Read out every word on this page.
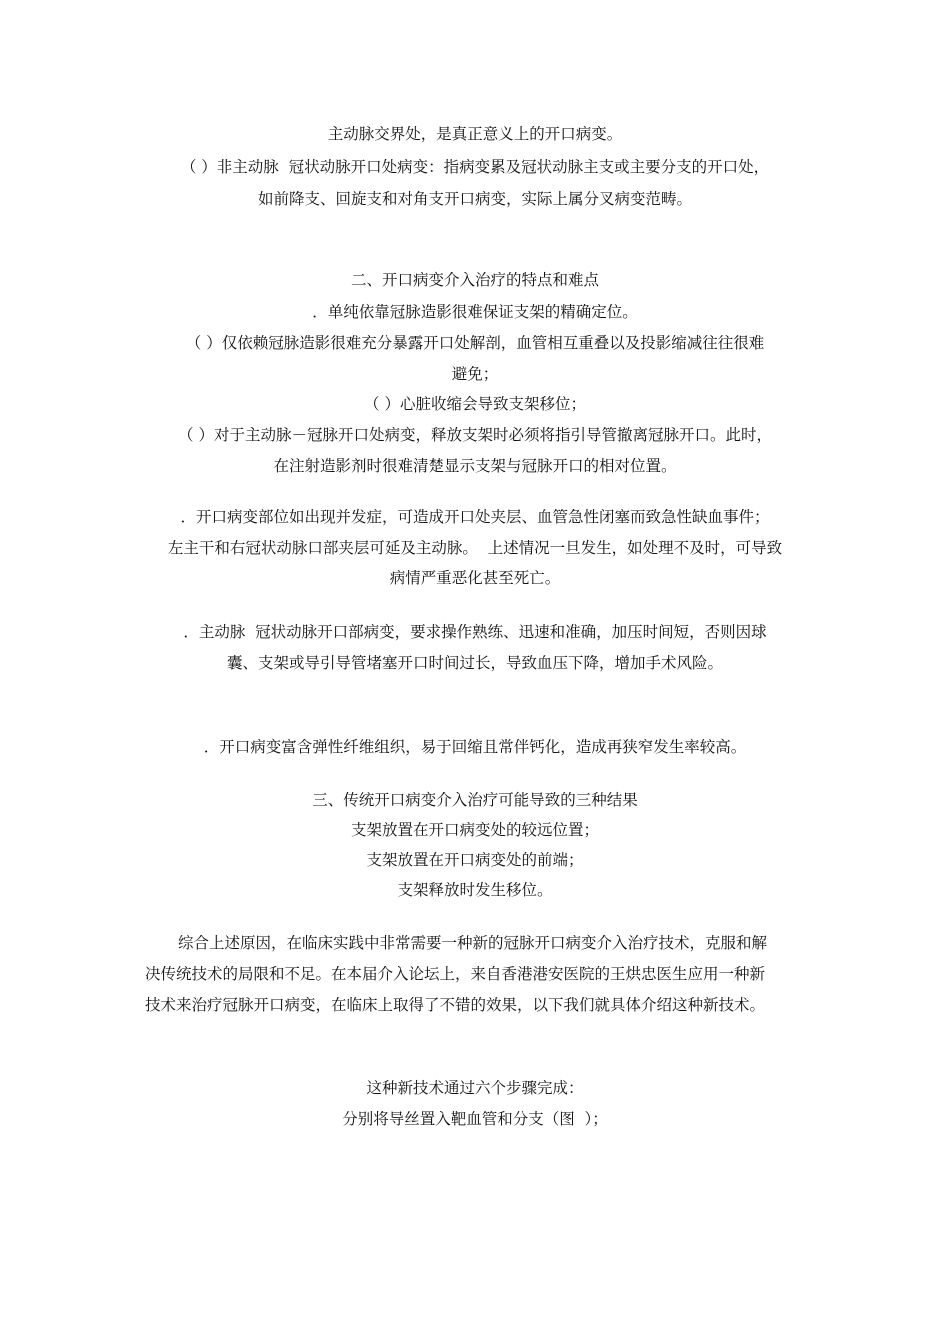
主动脉交界处，是真正意义上的开口病变。

（ ）非主动脉  冠状动脉开口处病变：指病变累及冠状动脉主支或主要分支的开口处，

如前降支、回旋支和对角支开口病变，实际上属分叉病变范畴。

二、开口病变介入治疗的特点和难点

．单纯依靠冠脉造影很难保证支架的精确定位。

（ ）仅依赖冠脉造影很难充分暴露开口处解剖，血管相互重叠以及投影缩减往往很难

避免；

（ ）心脏收缩会导致支架移位；

（ ）对于主动脉－冠脉开口处病变，释放支架时必须将指引导管撤离冠脉开口。此时，

在注射造影剂时很难清楚显示支架与冠脉开口的相对位置。

．开口病变部位如出现并发症，可造成开口处夹层、血管急性闭塞而致急性缺血事件；

左主干和右冠状动脉口部夹层可延及主动脉。  上述情况一旦发生，如处理不及时，可导致

病情严重恶化甚至死亡。

．主动脉  冠状动脉开口部病变，要求操作熟练、迅速和准确，加压时间短，否则因球

囊、支架或导引导管堵塞开口时间过长，导致血压下降，增加手术风险。

．开口病变富含弹性纤维组织，易于回缩且常伴钙化，造成再狭窄发生率较高。

三、传统开口病变介入治疗可能导致的三种结果

支架放置在开口病变处的较远位置；

支架放置在开口病变处的前端；

支架释放时发生移位。

综合上述原因，在临床实践中非常需要一种新的冠脉开口病变介入治疗技术，克服和解

决传统技术的局限和不足。在本届介入论坛上，来自香港港安医院的王烘忠医生应用一种新

技术来治疗冠脉开口病变，在临床上取得了不错的效果，以下我们就具体介绍这种新技术。

这种新技术通过六个步骤完成：

分别将导丝置入靶血管和分支（图  ）；
